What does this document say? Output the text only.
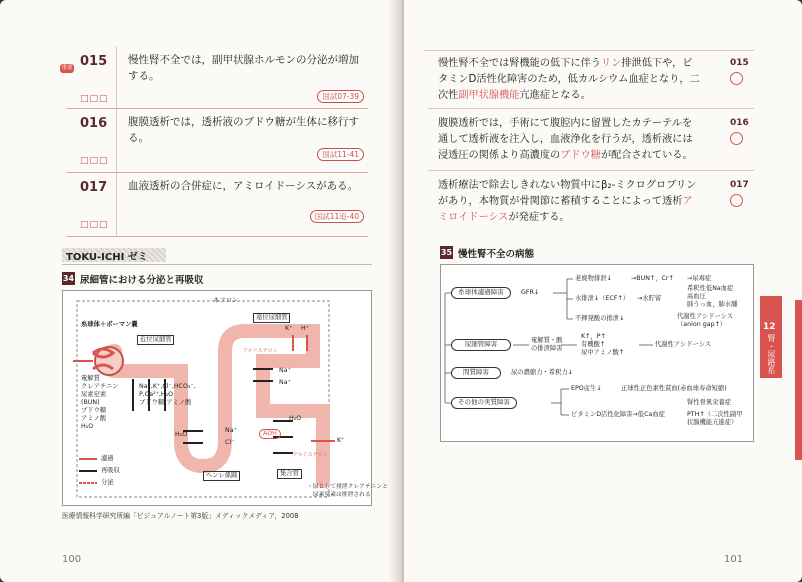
重要 015 慢性腎不全では，副甲状腺ホルモンの分泌が増加する。
□□□	国試07-39
016 腹膜透析では，透析液のブドウ糖が生体に移行する。
□□□
国試11-41
017 血液透析の合併症に，アミロイドーシスがある。
□□□
国試11追-40
TOKU-ICHI ゼミ
34 尿細管における分泌と再吸収
ネフロン
糸球体＋ボーマン嚢
近位尿細管
遠位尿細管
ヘンレ係蹄	集合管
電解質
クレアチニン
尿素窒素
(BUN)
ブドウ糖
アミノ酸
H₂O
Na⁺,K⁺,Cl⁻,HCO₃⁻,
P,Ca²⁺,H₂O
ブドウ糖,アミノ酸
アルドステロン
アルドステロン
ADH
K⁺ H⁺
Na⁺
Na⁺
Na⁺
Cl⁻
H₂O
H₂O
K⁺
・尿として排泄クレアチニンと
　尿素窒素は排泄される
濾過
再吸収
分泌
医療情報科学研究所編「ビジュアルノート第3版」メディックメディア，2008
100
慢性腎不全では腎機能の低下に伴うリン排泄低下や，ビタミンD活性化障害のため，低カルシウム血症となり，二次性副甲状腺機能亢進症となる。
015
腹膜透析では，手術にて腹腔内に留置したカテーテルを通して透析液を注入し，血液浄化を行うが，透析液には浸透圧の関係より高濃度のブドウ糖が配合されている。
016
透析療法で除去しきれない物質中にβ₂-ミクログロブリンがあり，本物質が骨関節に蓄積することによって透析アミロイドーシスが発症する。
017
35 慢性腎不全の病態
糸球体濾過障害	GFR↓
老廃物排泄↓	→BUN↑，Cr↑ →尿毒症
水排泄↓（ECF↑） →水貯留
希釈性低Na血症
高血圧
肺うっ血，肺水腫
不揮発酸の排泄↓	代謝性アシドーシス
（anion gap↑）
尿細管障害	電解質・酸
の排泄障害
K↑，P↑
有機酸↑
尿中アミノ酸↑
代謝性アシドーシス
間質障害	尿の濃縮力・希釈力↓
その他の実質障害
EPO産生↓	正球性正色素性貧血(赤血球寿命短縮)
ビタミンD活性化障害→低Ca血症
腎性骨異栄養症
PTH↑（二次性副甲
状腺機能亢進症）
101
12
腎・尿路系
